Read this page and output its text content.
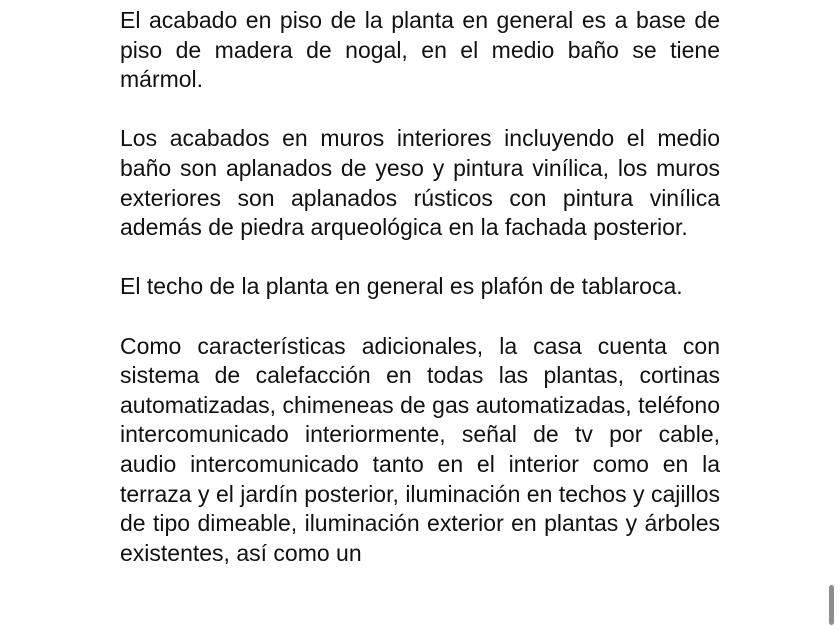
El acabado en piso de la planta en general es a base de piso de madera de nogal, en el medio baño se tiene mármol.

Los acabados en muros interiores incluyendo el medio baño son aplanados de yeso y pintura vinílica, los muros exteriores son aplanados rústicos con pintura vinílica además de piedra arqueológica en la fachada posterior.

El techo de la planta en general es plafón de tablaroca.

Como características adicionales, la casa cuenta con sistema de calefacción en todas las plantas, cortinas automatizadas, chimeneas de gas automatizadas, teléfono intercomunicado interiormente, señal de tv por cable, audio intercomunicado tanto en el interior como en la terraza y el jardín posterior, iluminación en techos y cajillos de tipo dimeable, iluminación exterior en plantas y árboles existentes, así como un
